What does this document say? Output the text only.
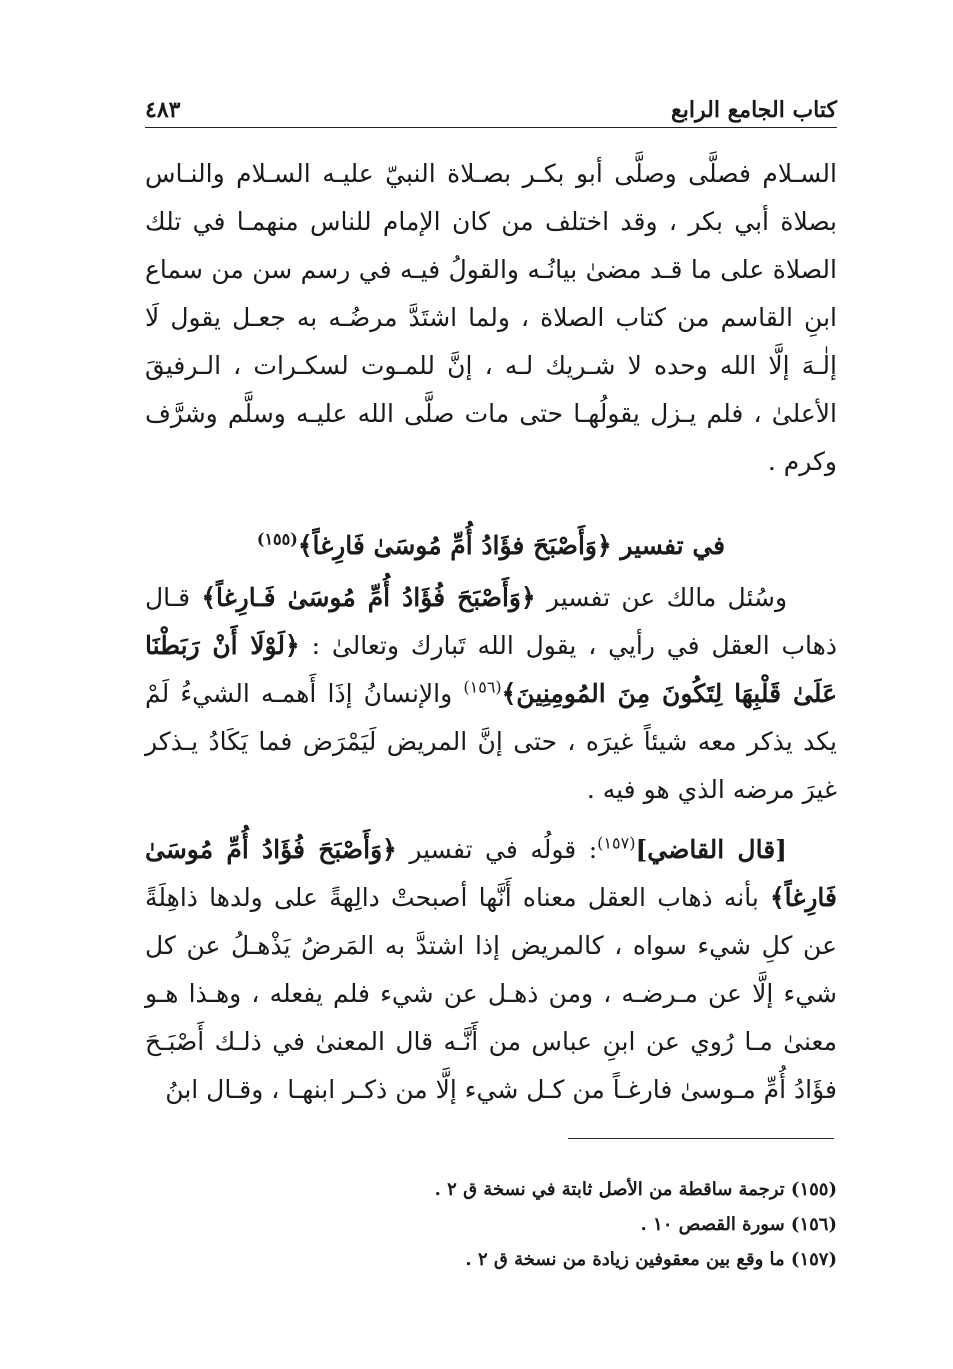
كتاب الجامع الرابع
٤٨٣

السـلام فصلَّى وصلَّى أبو بكـر بصـلاة النبيّ عليـه السـلام والنـاس بصلاة أبي بكر ، وقد اختلف من كان الإمام للناس منهمـا في تلك الصلاة على ما قـد مضىٰ بيانُـه والقولُ فيـه في رسم سن من سماع ابنِ القاسم من كتاب الصلاة ، ولما اشتَدَّ مرضُـه به جعـل يقول لَا إلٰـهَ إلَّا الله وحده لا شـريك لـه ، إنَّ للمـوت لسكـرات ، الـرفيقَ الأعلىٰ ، فلم يـزل يقولُهـا حتى مات صلَّى الله عليـه وسلَّم وشرَّف وكرم .

في تفسير ﴿وَأَصْبَحَ فؤَادُ أُمِّ مُوسَىٰ فَارِغاً﴾$^{(١٥٥)}$

وسُئل مالك عن تفسير ﴿وَأَصْبَحَ فُؤَادُ أُمِّ مُوسَىٰ فَـارِغاً﴾ قـال ذهاب العقل في رأيي ، يقول الله تَبارك وتعالىٰ : ﴿لَوْلَا أَنْ رَبَطْنَا عَلَىٰ قَلْبِهَا لِتَكُونَ مِنَ المُومِنِينَ﴾$^{(١٥٦)}$ والإنسانُ إذَا أَهمـه الشيءُ لَمْ يكد يذكر معه شيئاً غيرَه ، حتى إنَّ المريض لَيَمْرَض فما يَكَادُ يـذكر غيرَ مرضه الذي هو فيه .

[قال القاضي]$^{(١٥٧)}$: قولُه في تفسير ﴿وَأَصْبَحَ فُؤَادُ أُمِّ مُوسَىٰ فَارِغاً﴾ بأنه ذهاب العقل معناه أَنَّها أصبحتْ دالِهةً على ولدها ذاهِلَةً عن كلِ شيء سواه ، كالمريض إذا اشتدَّ به المَرضُ يَذْهـلُ عن كل شيء إلَّا عن مـرضـه ، ومن ذهـل عن شيء فلم يفعله ، وهـذا هـو معنىٰ مـا رُوي عن ابنِ عباس من أَنَّـه قال المعنىٰ في ذلـك أَصْبَـحَ فؤَادُ أُمِّ مـوسىٰ فارغـاً من كـل شيء إلَّا من ذكـر ابنهـا ، وقـال ابنُ

(١٥٥) ترجمة ساقطة من الأصل ثابتة في نسخة ق ٢ .

(١٥٦) سورة القصص ١٠ .

(١٥٧) ما وقع بين معقوفين زيادة من نسخة ق ٢ .
